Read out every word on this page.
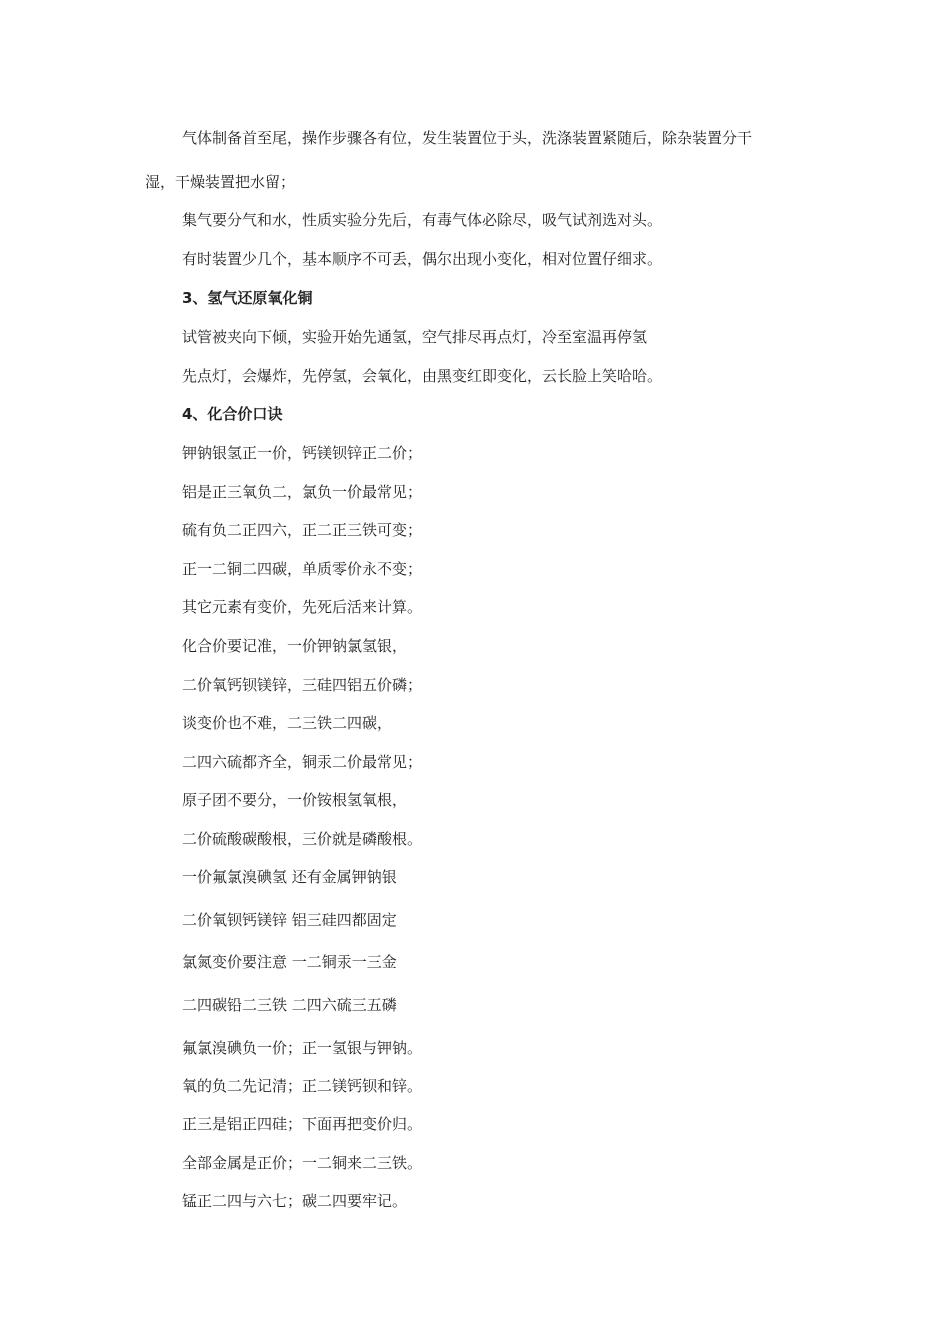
气体制备首至尾，操作步骤各有位，发生装置位于头，洗涤装置紧随后，除杂装置分干

湿，干燥装置把水留；

集气要分气和水，性质实验分先后，有毒气体必除尽，吸气试剂选对头。

有时装置少几个，基本顺序不可丢，偶尔出现小变化，相对位置仔细求。

3、氢气还原氧化铜

试管被夹向下倾，实验开始先通氢，空气排尽再点灯，冷至室温再停氢

先点灯，会爆炸，先停氢，会氧化，由黑变红即变化，云长脸上笑哈哈。

4、化合价口诀

钾钠银氢正一价，钙镁钡锌正二价；

铝是正三氧负二，氯负一价最常见；

硫有负二正四六，正二正三铁可变；

正一二铜二四碳，单质零价永不变；

其它元素有变价，先死后活来计算。

化合价要记准，一价钾钠氯氢银，

二价氧钙钡镁锌，三硅四铝五价磷；

谈变价也不难，二三铁二四碳，

二四六硫都齐全，铜汞二价最常见；

原子团不要分，一价铵根氢氧根，

二价硫酸碳酸根，三价就是磷酸根。

一价氟氯溴碘氢 还有金属钾钠银

二价氧钡钙镁锌 铝三硅四都固定

氯氮变价要注意 一二铜汞一三金

二四碳铅二三铁 二四六硫三五磷

氟氯溴碘负一价；正一氢银与钾钠。

氧的负二先记清；正二镁钙钡和锌。

正三是铝正四硅；下面再把变价归。

全部金属是正价；一二铜来二三铁。

锰正二四与六七；碳二四要牢记。
